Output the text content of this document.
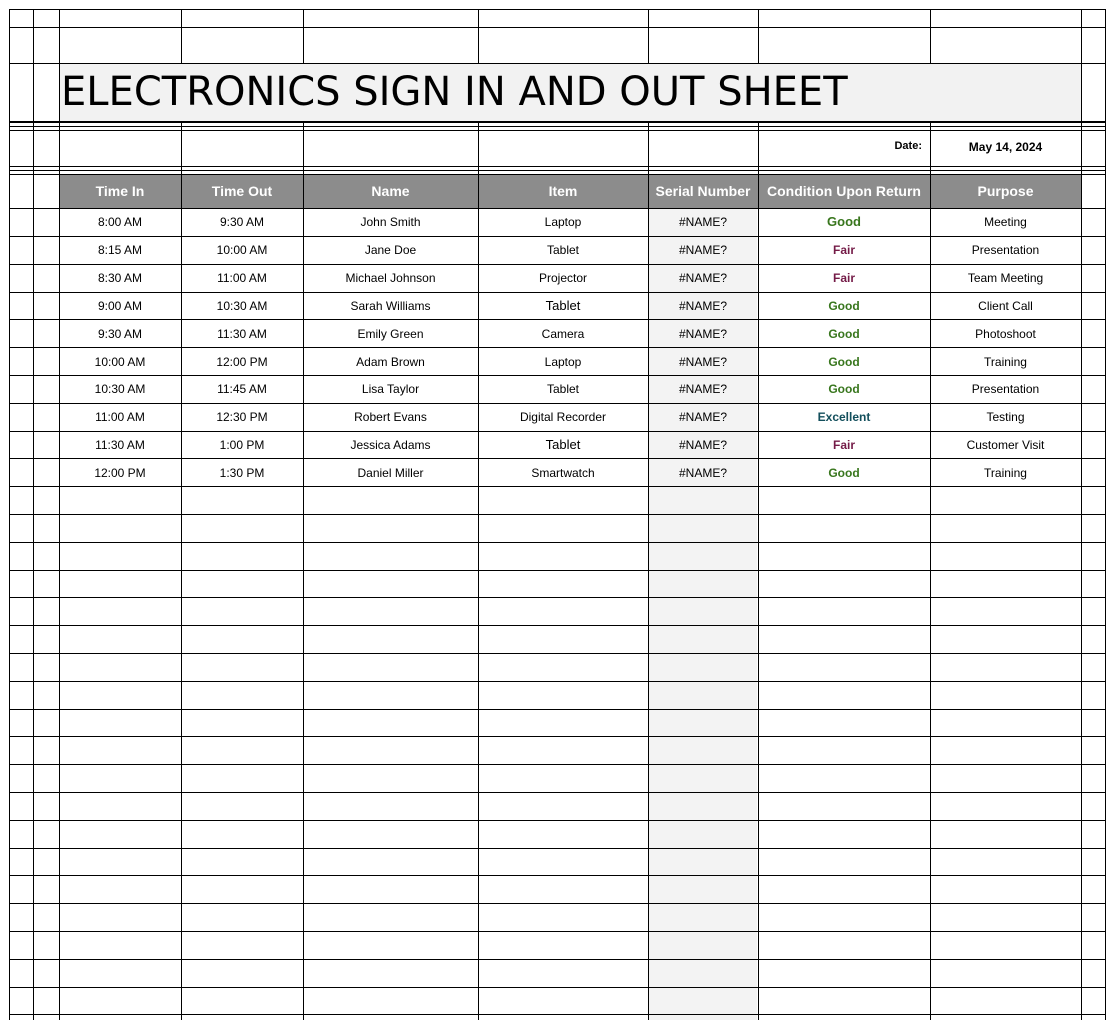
ELECTRONICS SIGN IN AND OUT SHEET
Date:	May 14, 2024
Time In	Time Out	Name	Item	Serial Number	Condition Upon Return	Purpose
8:00 AM	9:30 AM	John Smith	Laptop	#NAME?	Good	Meeting
8:15 AM	10:00 AM	Jane Doe	Tablet	#NAME?	Fair	Presentation
8:30 AM	11:00 AM	Michael Johnson	Projector	#NAME?	Fair	Team Meeting
9:00 AM	10:30 AM	Sarah Williams	Tablet	#NAME?	Good	Client Call
9:30 AM	11:30 AM	Emily Green	Camera	#NAME?	Good	Photoshoot
10:00 AM	12:00 PM	Adam Brown	Laptop	#NAME?	Good	Training
10:30 AM	11:45 AM	Lisa Taylor	Tablet	#NAME?	Good	Presentation
11:00 AM	12:30 PM	Robert Evans	Digital Recorder	#NAME?	Excellent	Testing
11:30 AM	1:00 PM	Jessica Adams	Tablet	#NAME?	Fair	Customer Visit
12:00 PM	1:30 PM	Daniel Miller	Smartwatch	#NAME?	Good	Training
